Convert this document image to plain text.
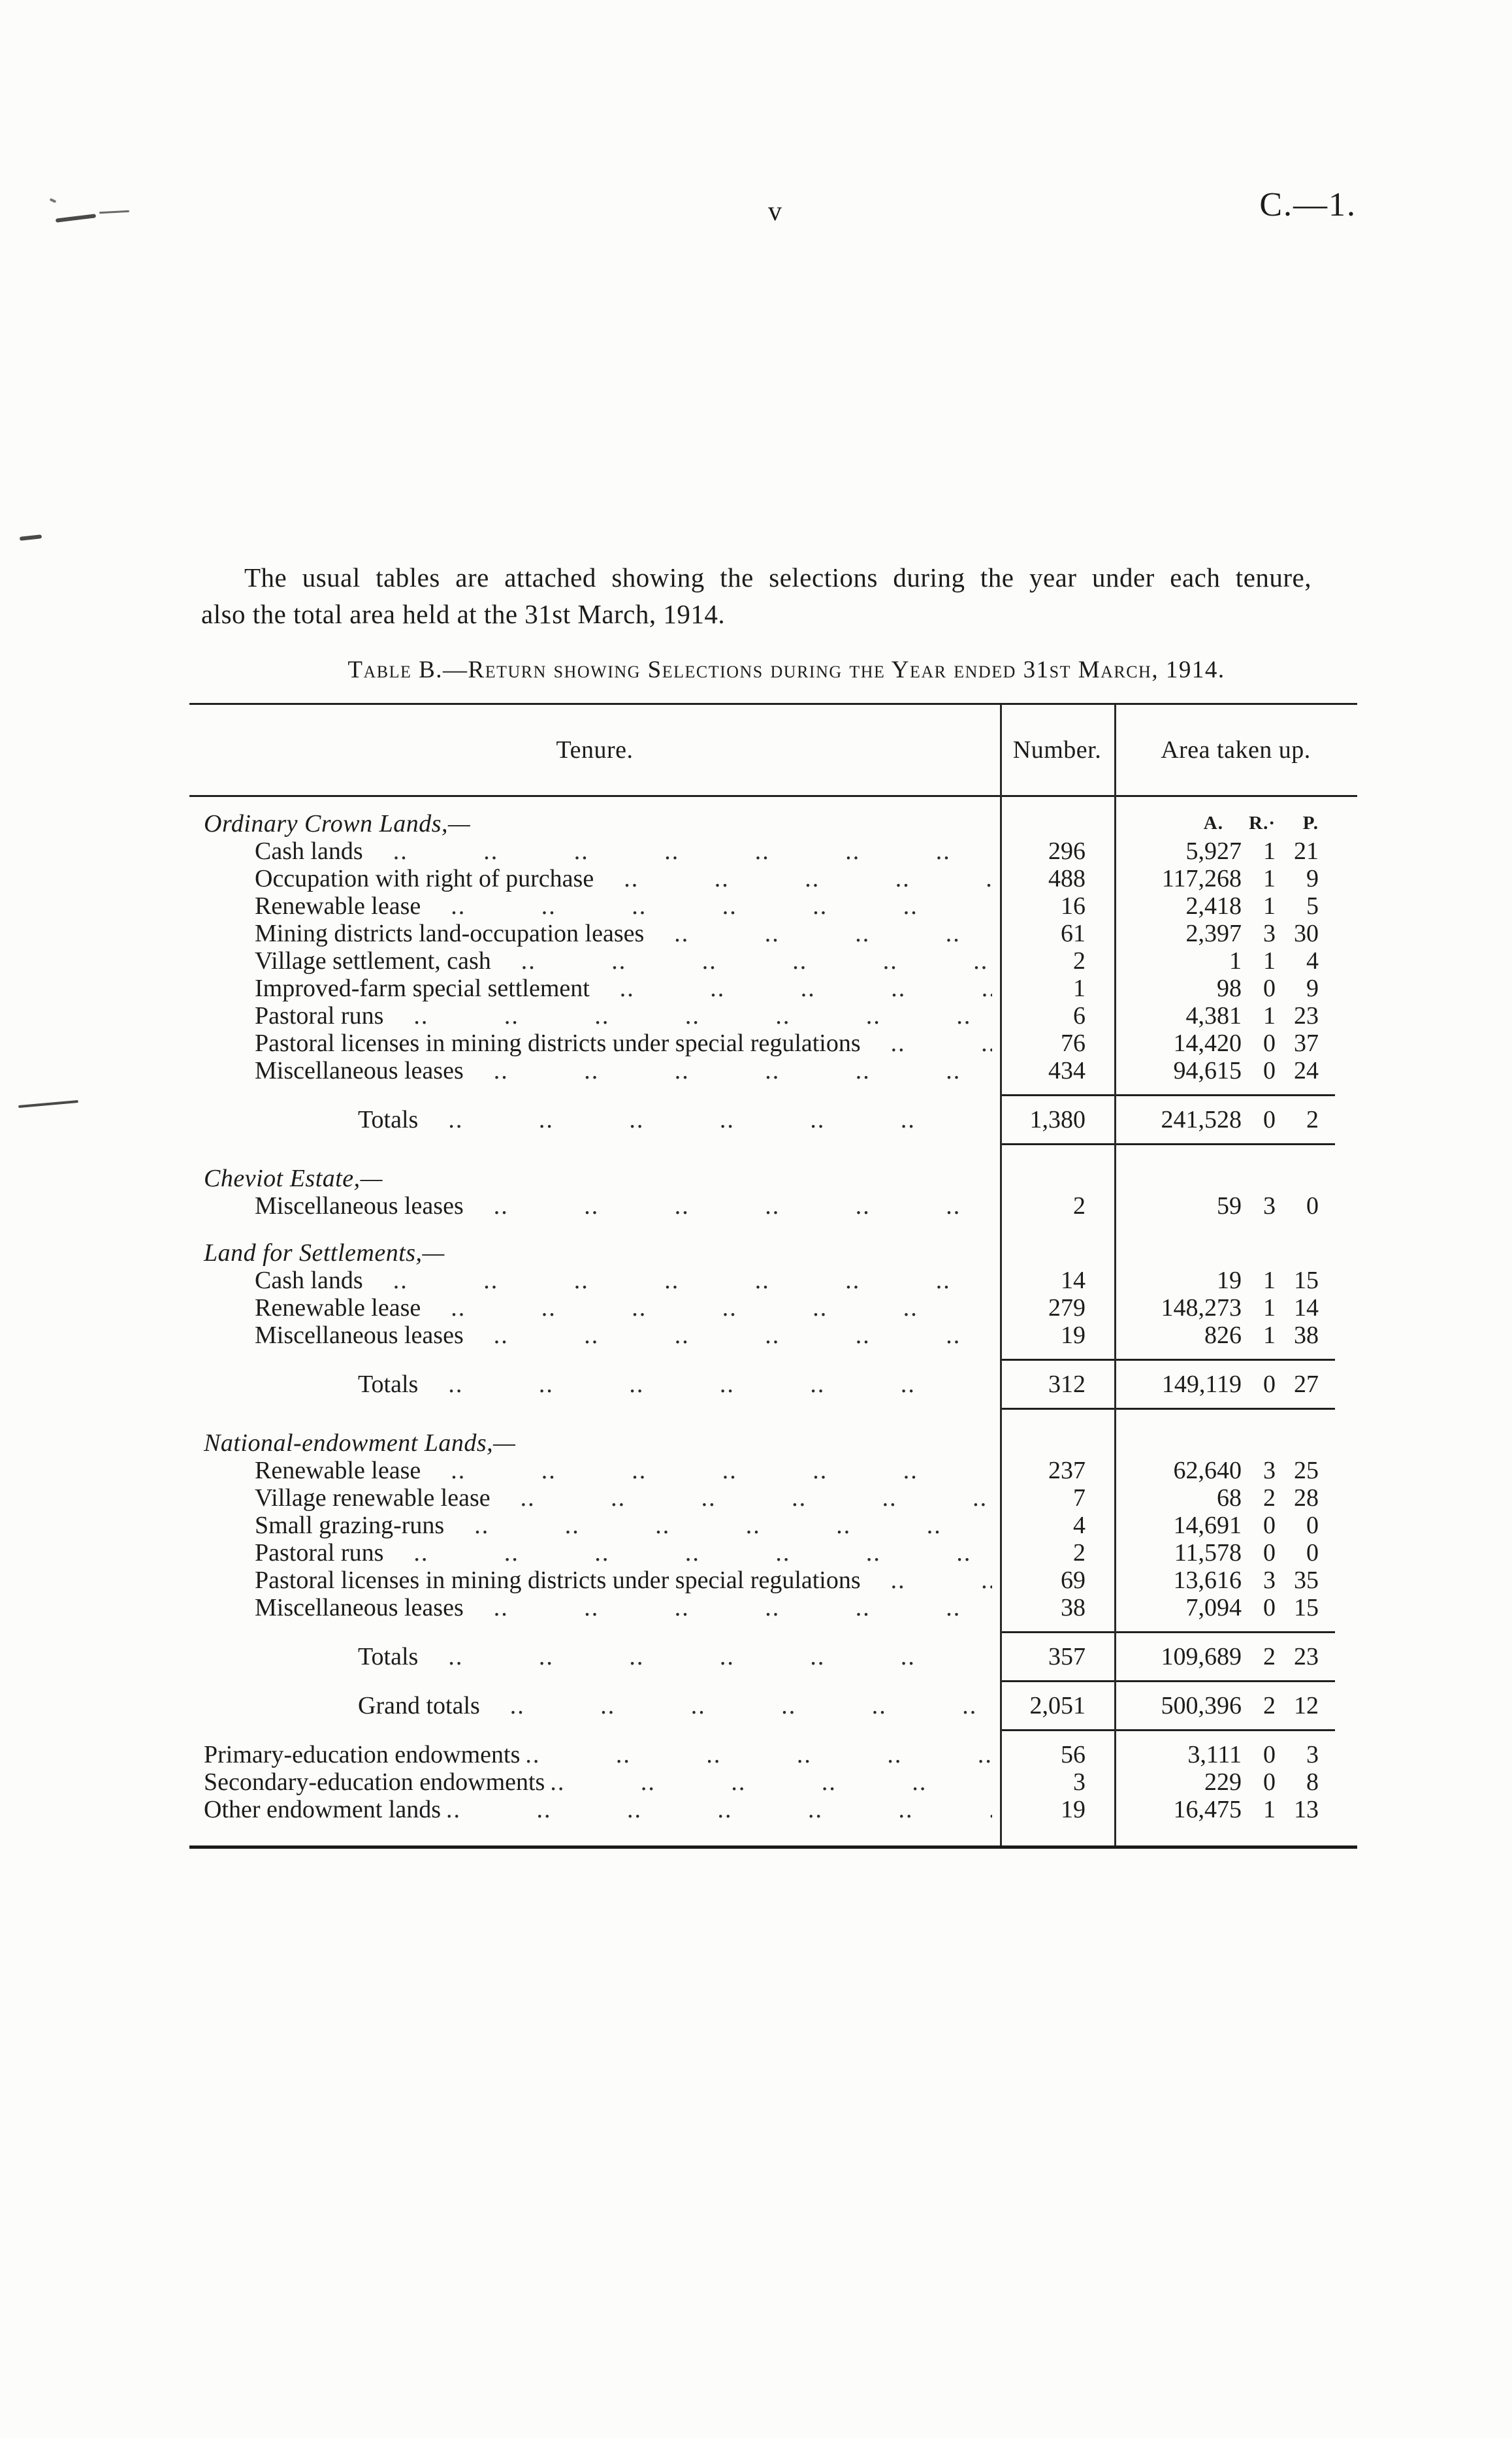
v	C.—1.
The usual tables are attached showing the selections during the year under each tenure,
also the total area held at the 31st March, 1914.
Table B.—Return showing Selections during the Year ended 31st March, 1914.
Tenure.	Number.	Area taken up.
Ordinary Crown Lands,—	A. R.· P.
Cash lands .. ..	296	5,927 1 21
Occupation with right of purchase .. ..	488	117,268 1 9
Renewable lease .. ..	16	2,418 1 5
Mining districts land-occupation leases .. ..	61	2,397 3 30
Village settlement, cash .. ..	2	1 1 4
Improved-farm special settlement .. ..	1	98 0 9
Pastoral runs .. ..	6	4,381 1 23
Pastoral licenses in mining districts under special regulations .. ..	76	14,420 0 37
Miscellaneous leases .. ..	434	94,615 0 24
Totals .. ..	1,380	241,528 0 2
Cheviot Estate,—
Miscellaneous leases .. ..	2	59 3 0
Land for Settlements,—
Cash lands .. ..	14	19 1 15
Renewable lease .. ..	279	148,273 1 14
Miscellaneous leases .. ..	19	826 1 38
Totals .. ..	312	149,119 0 27
National-endowment Lands,—
Renewable lease .. ..	237	62,640 3 25
Village renewable lease .. ..	7	68 2 28
Small grazing-runs .. ..	4	14,691 0 0
Pastoral runs .. ..	2	11,578 0 0
Pastoral licenses in mining districts under special regulations .. ..	69	13,616 3 35
Miscellaneous leases .. ..	38	7,094 0 15
Totals .. ..	357	109,689 2 23
Grand totals .. ..	2,051	500,396 2 12
Primary-education endowments .. ..	56	3,111 0 3
Secondary-education endowments .. ..	3	229 0 8
Other endowment lands .. ..	19	16,475 1 13
